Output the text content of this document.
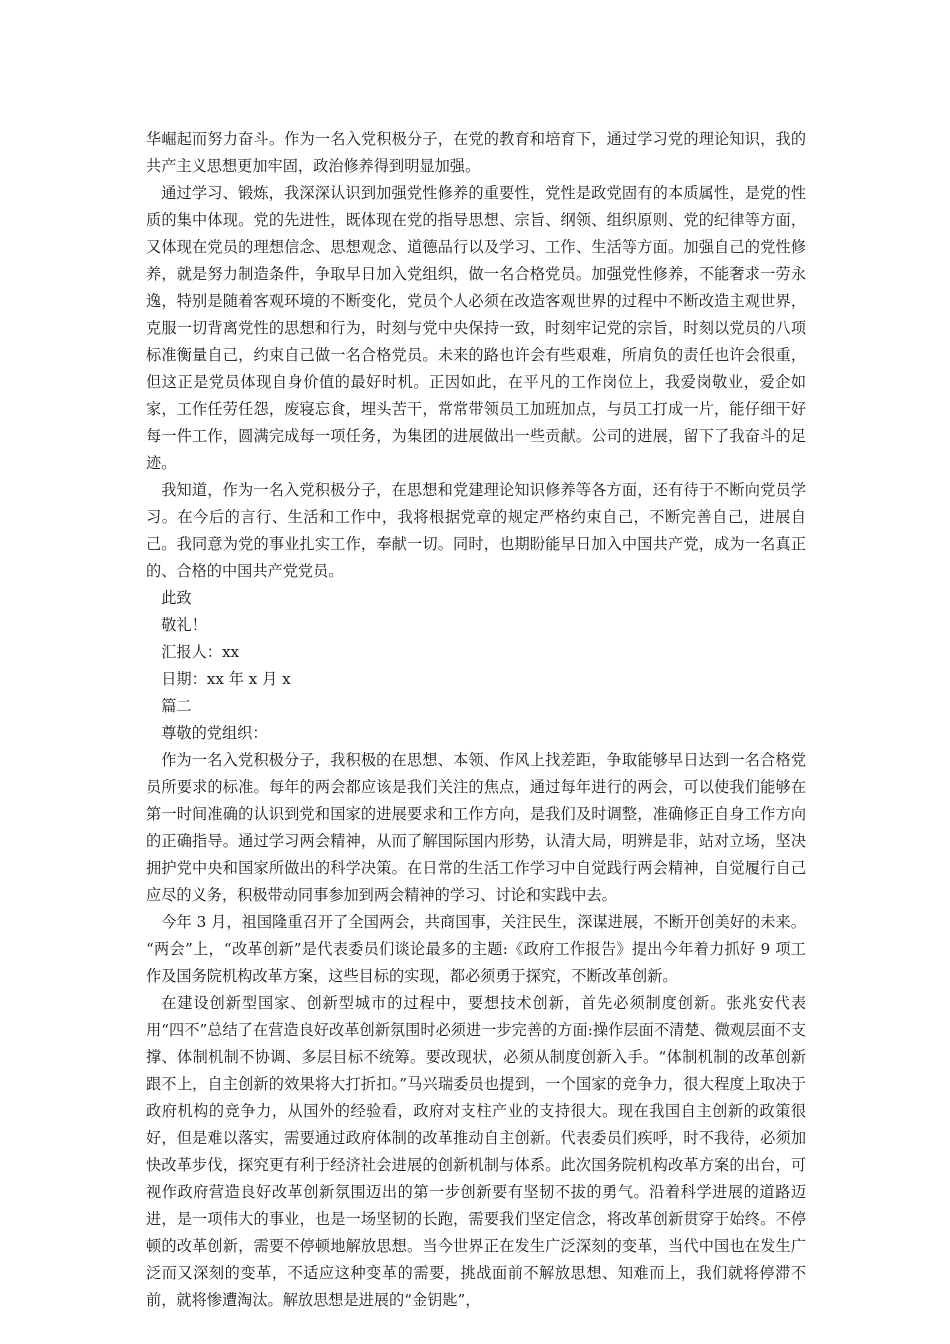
华崛起而努力奋斗。作为一名入党积极分子，在党的教育和培育下，通过学习党的理论知识，我的共产主义思想更加牢固，政治修养得到明显加强。

通过学习、锻炼，我深深认识到加强党性修养的重要性，党性是政党固有的本质属性，是党的性质的集中体现。党的先进性，既体现在党的指导思想、宗旨、纲领、组织原则、党的纪律等方面，又体现在党员的理想信念、思想观念、道德品行以及学习、工作、生活等方面。加强自己的党性修养，就是努力制造条件，争取早日加入党组织，做一名合格党员。加强党性修养，不能奢求一劳永逸，特别是随着客观环境的不断变化，党员个人必须在改造客观世界的过程中不断改造主观世界，克服一切背离党性的思想和行为，时刻与党中央保持一致，时刻牢记党的宗旨，时刻以党员的八项标准衡量自己，约束自己做一名合格党员。未来的路也许会有些艰难，所肩负的责任也许会很重，但这正是党员体现自身价值的最好时机。正因如此，在平凡的工作岗位上，我爱岗敬业，爱企如家，工作任劳任怨，废寝忘食，埋头苦干，常常带领员工加班加点，与员工打成一片，能仔细干好每一件工作，圆满完成每一项任务，为集团的进展做出一些贡献。公司的进展，留下了我奋斗的足迹。

我知道，作为一名入党积极分子，在思想和党建理论知识修养等各方面，还有待于不断向党员学习。在今后的言行、生活和工作中，我将根据党章的规定严格约束自己，不断完善自己，进展自己。我同意为党的事业扎实工作，奉献一切。同时，也期盼能早日加入中国共产党，成为一名真正的、合格的中国共产党党员。

此致

敬礼！

汇报人：xx

日期：xx 年 x 月 x

篇二

尊敬的党组织：

作为一名入党积极分子，我积极的在思想、本领、作风上找差距，争取能够早日达到一名合格党员所要求的标准。每年的两会都应该是我们关注的焦点，通过每年进行的两会，可以使我们能够在第一时间准确的认识到党和国家的进展要求和工作方向，是我们及时调整，准确修正自身工作方向的正确指导。通过学习两会精神，从而了解国际国内形势，认清大局，明辨是非，站对立场，坚决拥护党中央和国家所做出的科学决策。在日常的生活工作学习中自觉践行两会精神，自觉履行自己应尽的义务，积极带动同事参加到两会精神的学习、讨论和实践中去。

今年 3 月，祖国隆重召开了全国两会，共商国事，关注民生，深谋进展，不断开创美好的未来。 “两会”上，“改革创新”是代表委员们谈论最多的主题:《政府工作报告》提出今年着力抓好 9 项工作及国务院机构改革方案，这些目标的实现，都必须勇于探究，不断改革创新。

在建设创新型国家、创新型城市的过程中，要想技术创新，首先必须制度创新。张兆安代表用“四不”总结了在营造良好改革创新氛围时必须进一步完善的方面:操作层面不清楚、微观层面不支撑、体制机制不协调、多层目标不统筹。要改现状，必须从制度创新入手。“体制机制的改革创新跟不上，自主创新的效果将大打折扣。”马兴瑞委员也提到，一个国家的竞争力，很大程度上取决于政府机构的竞争力，从国外的经验看，政府对支柱产业的支持很大。现在我国自主创新的政策很好，但是难以落实，需要通过政府体制的改革推动自主创新。代表委员们疾呼，时不我待，必须加快改革步伐，探究更有利于经济社会进展的创新机制与体系。此次国务院机构改革方案的出台，可视作政府营造良好改革创新氛围迈出的第一步创新要有坚韧不拔的勇气。沿着科学进展的道路迈进，是一项伟大的事业，也是一场坚韧的长跑，需要我们坚定信念，将改革创新贯穿于始终。不停顿的改革创新，需要不停顿地解放思想。当今世界正在发生广泛深刻的变革，当代中国也在发生广泛而又深刻的变革，不适应这种变革的需要，挑战面前不解放思想、知难而上，我们就将停滞不前，就将惨遭淘汰。解放思想是进展的“金钥匙”，
